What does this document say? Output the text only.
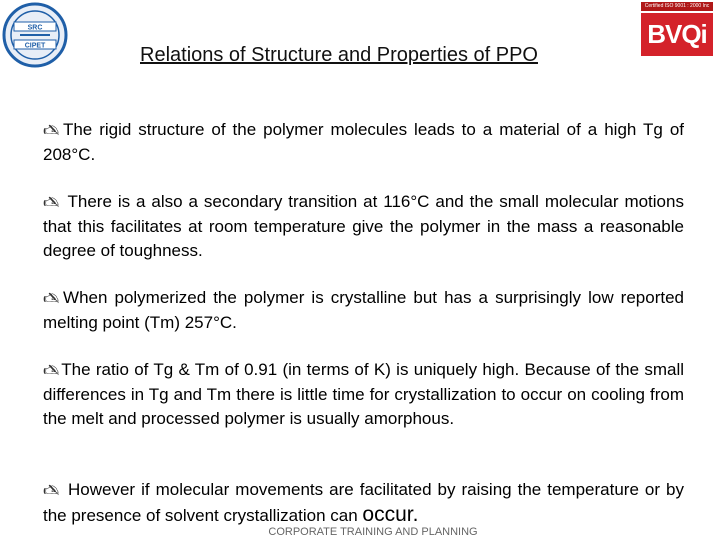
SRC
CIPET
Certified ISO 9001 : 2000 Inc
BVQi
Relations of Structure and Properties of PPO
🖎The rigid structure of the polymer molecules leads to a material of a high Tg of 208°C.
🖎 There is a also a secondary transition at 116°C and the small molecular motions that this facilitates at room temperature give the polymer in the mass a reasonable degree of toughness.
🖎When polymerized the polymer is crystalline but has a surprisingly low reported melting point (Tm) 257°C.
🖎The ratio of Tg & Tm of 0.91 (in terms of K) is uniquely high. Because of the small differences in Tg and Tm there is little time for crystallization to occur on cooling from the melt and processed polymer is usually amorphous.
🖎 However if molecular movements are facilitated by raising the temperature or by the presence of solvent crystallization can occur.
CORPORATE TRAINING AND PLANNING
